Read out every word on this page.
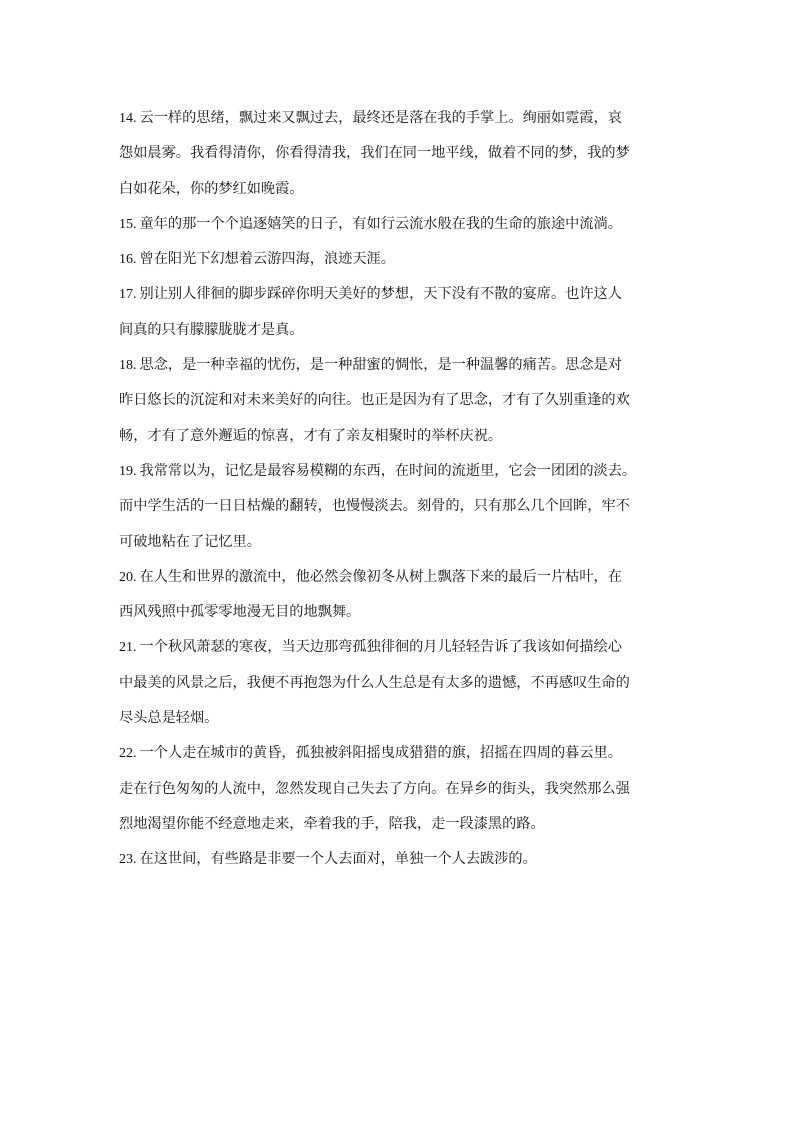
14. 云一样的思绪，飘过来又飘过去，最终还是落在我的手掌上。绚丽如霓霞，哀
怨如晨雾。我看得清你，你看得清我，我们在同一地平线，做着不同的梦，我的梦
白如花朵，你的梦红如晚霞。
15. 童年的那一个个追逐嬉笑的日子，有如行云流水般在我的生命的旅途中流淌。
16. 曾在阳光下幻想着云游四海，浪迹天涯。
17. 别让别人徘徊的脚步踩碎你明天美好的梦想，天下没有不散的宴席。也许这人
间真的只有朦朦胧胧才是真。
18. 思念，是一种幸福的忧伤，是一种甜蜜的惆怅，是一种温馨的痛苦。思念是对
昨日悠长的沉淀和对未来美好的向往。也正是因为有了思念，才有了久别重逢的欢
畅，才有了意外邂逅的惊喜，才有了亲友相聚时的举杯庆祝。
19. 我常常以为，记忆是最容易模糊的东西，在时间的流逝里，它会一团团的淡去。
而中学生活的一日日枯燥的翻转，也慢慢淡去。刻骨的，只有那么几个回眸，牢不
可破地粘在了记忆里。
20. 在人生和世界的激流中，他必然会像初冬从树上飘落下来的最后一片枯叶，在
西风残照中孤零零地漫无目的地飘舞。
21. 一个秋风萧瑟的寒夜，当天边那弯孤独徘徊的月儿轻轻告诉了我该如何描绘心
中最美的风景之后，我便不再抱怨为什么人生总是有太多的遗憾，不再感叹生命的
尽头总是轻烟。
22. 一个人走在城市的黄昏，孤独被斜阳摇曳成猎猎的旗，招摇在四周的暮云里。
走在行色匆匆的人流中，忽然发现自己失去了方向。在异乡的街头，我突然那么强
烈地渴望你能不经意地走来，牵着我的手，陪我，走一段漆黑的路。
23. 在这世间，有些路是非要一个人去面对，单独一个人去跋涉的。
